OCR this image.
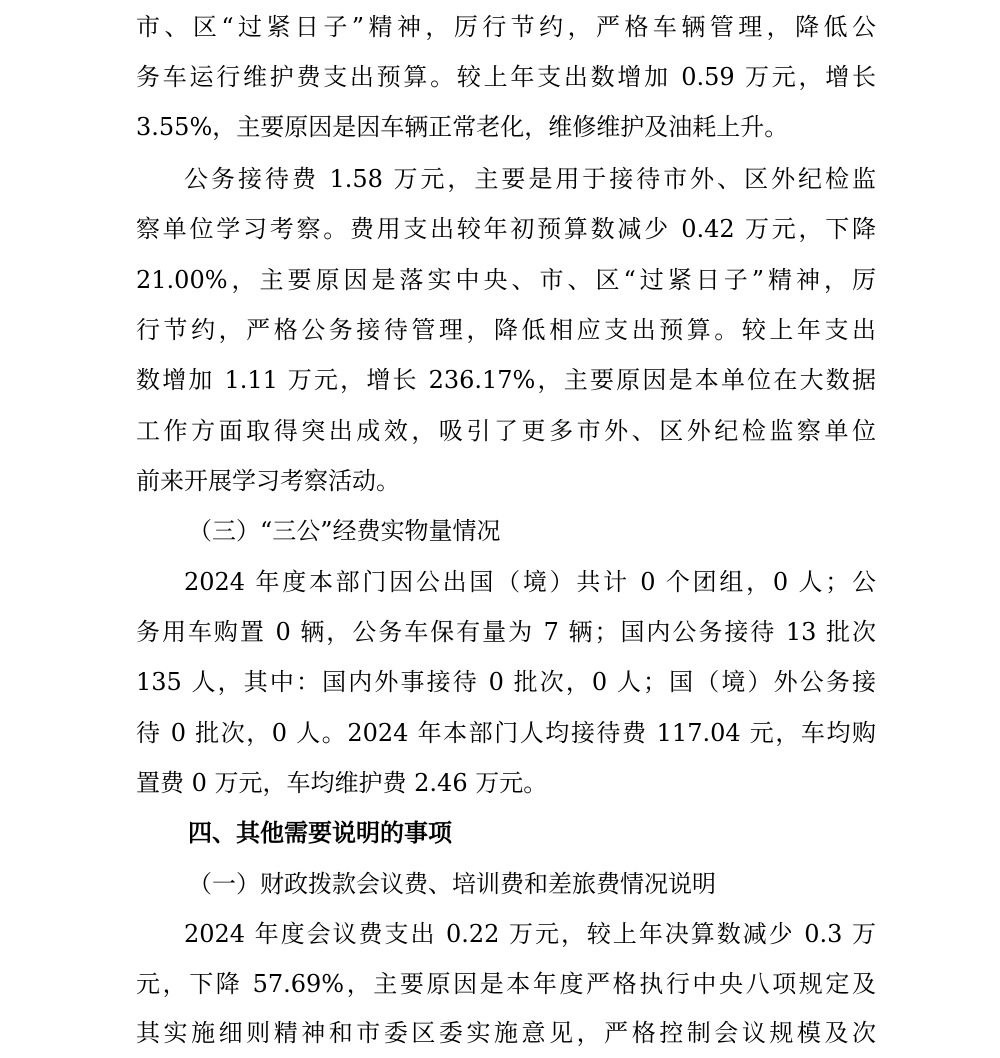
市、区“过紧日子”精神，厉行节约，严格车辆管理，降低公
务车运行维护费支出预算。较上年支出数增加 0.59 万元，增长
3.55%，主要原因是因车辆正常老化，维修维护及油耗上升。
公务接待费 1.58 万元，主要是用于接待市外、区外纪检监
察单位学习考察。费用支出较年初预算数减少 0.42 万元，下降
21.00%，主要原因是落实中央、市、区“过紧日子”精神，厉
行节约，严格公务接待管理，降低相应支出预算。较上年支出
数增加 1.11 万元，增长 236.17%，主要原因是本单位在大数据
工作方面取得突出成效，吸引了更多市外、区外纪检监察单位
前来开展学习考察活动。
（三）“三公”经费实物量情况
2024 年度本部门因公出国（境）共计 0 个团组，0 人；公
务用车购置 0 辆，公务车保有量为 7 辆；国内公务接待 13 批次
135 人，其中：国内外事接待 0 批次，0 人；国（境）外公务接
待 0 批次，0 人。2024 年本部门人均接待费 117.04 元，车均购
置费 0 万元，车均维护费 2.46 万元。
四、其他需要说明的事项
（一）财政拨款会议费、培训费和差旅费情况说明
2024 年度会议费支出 0.22 万元，较上年决算数减少 0.3 万
元，下降 57.69%，主要原因是本年度严格执行中央八项规定及
其实施细则精神和市委区委实施意见，严格控制会议规模及次
